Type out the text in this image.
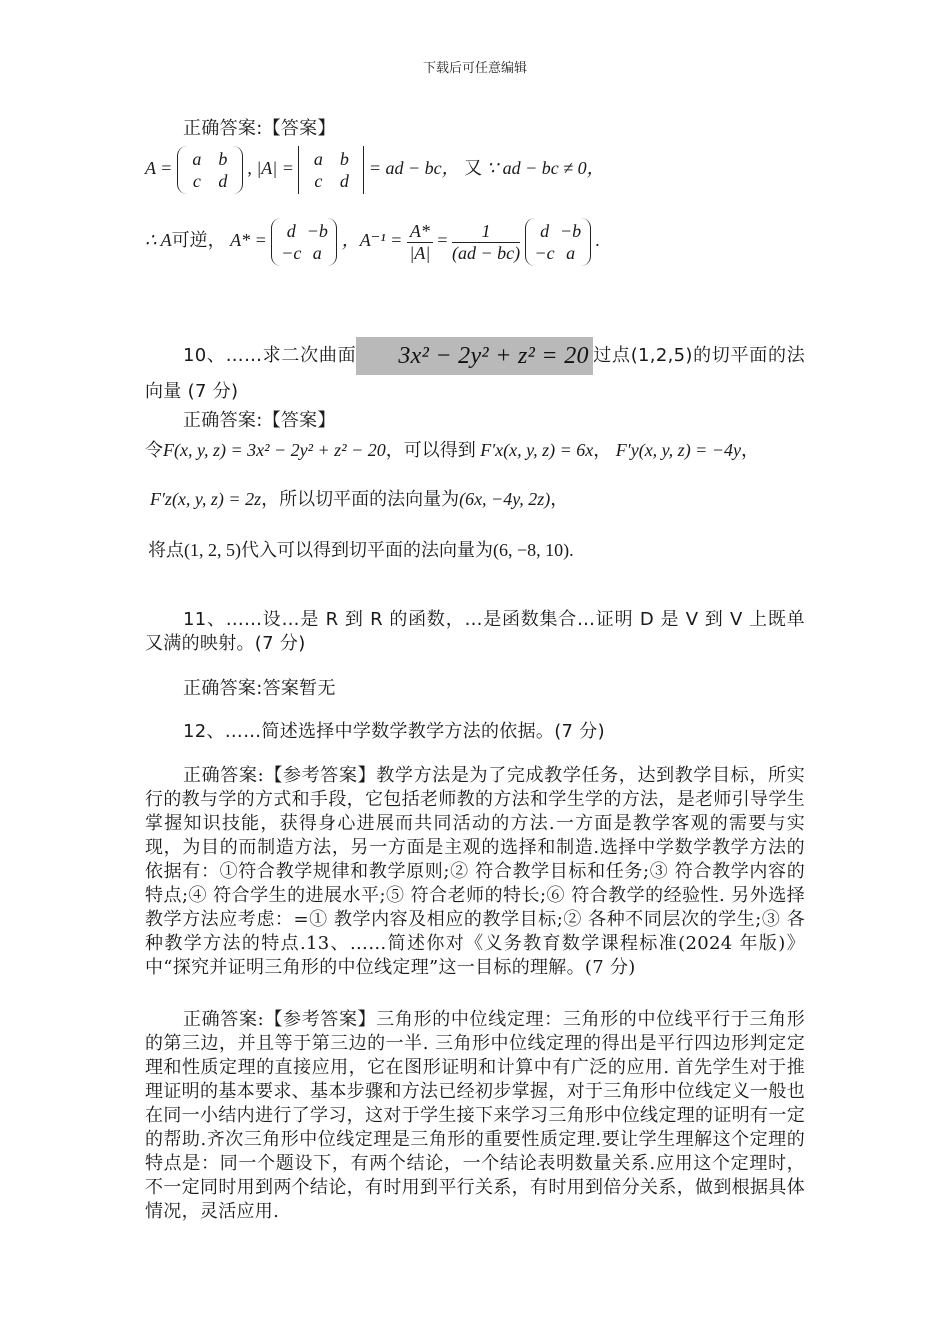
下载后可任意编辑
正确答案:【答案】
A =	a b
c d
, |A| =	a b
c d
= ad − bc， 又 ∵ ad − bc ≠ 0，
∴ A可逆， A* =	d −b
−c a
，$A^{-1} = \frac{A*}{|A|} = \frac{1}{(ad - bc)}$
	d −b
−c a
.
10、……求二次曲面 3x² − 2y² + z² = 20 过点(1,2,5)的切平面的法向量 (7 分)
正确答案:【答案】
令F(x, y, z) = 3x² − 2y² + z² − 20，可以得到 F′x(x, y, z) = 6x， F′y(x, y, z) = −4y，
F′z(x, y, z) = 2z，所以切平面的法向量为(6x, −4y, 2z)，
将点(1, 2, 5)代入可以得到切平面的法向量为(6, −8, 10).
11、……设…是 R 到 R 的函数，…是函数集合…证明 D 是 V 到 V 上既单又满的映射。(7 分)
正确答案:答案暂无
12、……简述选择中学数学教学方法的依据。(7 分)
正确答案:【参考答案】教学方法是为了完成教学任务，达到教学目标，所实行的教与学的方式和手段，它包括老师教的方法和学生学的方法，是老师引导学生掌握知识技能，获得身心进展而共同活动的方法.一方面是教学客观的需要与实现，为目的而制造方法，另一方面是主观的选择和制造.选择中学数学教学方法的依据有：①符合教学规律和教学原则;② 符合教学目标和任务;③ 符合教学内容的特点;④ 符合学生的进展水平;⑤ 符合老师的特长;⑥ 符合教学的经验性. 另外选择教学方法应考虑：=① 教学内容及相应的教学目标;② 各种不同层次的学生;③ 各种教学方法的特点.13、……简述你对《义务教育数学课程标准(2024 年版)》中“探究并证明三角形的中位线定理”这一目标的理解。(7 分)
正确答案:【参考答案】三角形的中位线定理：三角形的中位线平行于三角形的第三边，并且等于第三边的一半. 三角形中位线定理的得出是平行四边形判定定理和性质定理的直接应用，它在图形证明和计算中有广泛的应用. 首先学生对于推理证明的基本要求、基本步骤和方法已经初步掌握，对于三角形中位线定义一般也在同一小结内进行了学习，这对于学生接下来学习三角形中位线定理的证明有一定的帮助.齐次三角形中位线定理是三角形的重要性质定理.要让学生理解这个定理的特点是：同一个题设下，有两个结论，一个结论表明数量关系.应用这个定理时，不一定同时用到两个结论，有时用到平行关系，有时用到倍分关系，做到根据具体情况，灵活应用.
